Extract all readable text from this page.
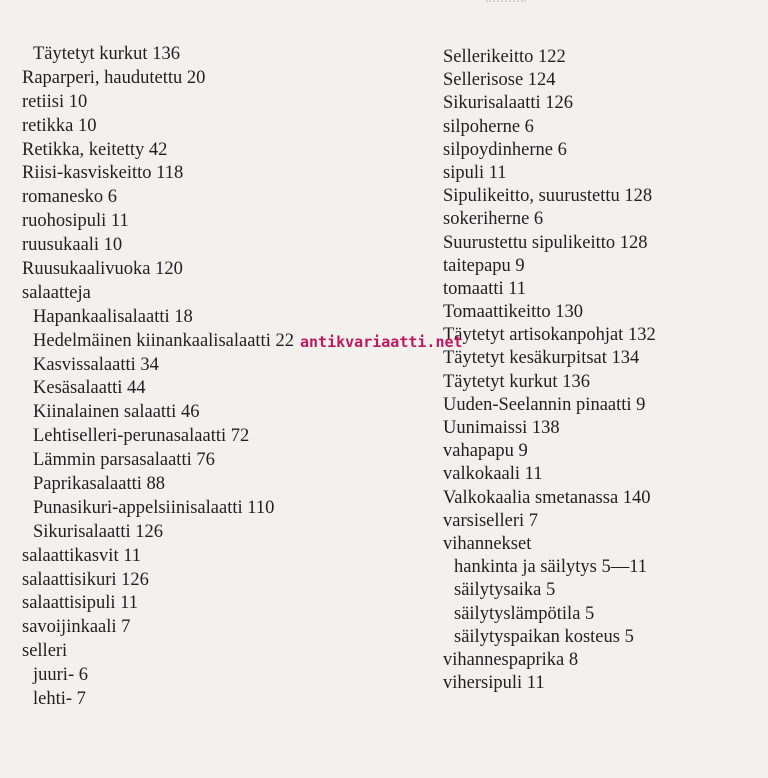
Täytetyt kurkut 136
Raparperi, haudutettu 20
retiisi 10
retikka 10
Retikka, keitetty 42
Riisi-kasviskeitto 118
romanesko 6
ruohosipuli 11
ruusukaali 10
Ruusukaalivuoka 120
salaatteja
Hapankaalisalaatti 18
Hedelmäinen kiinankaalisalaatti 22
Kasvissalaatti 34
Kesäsalaatti 44
Kiinalainen salaatti 46
Lehtiselleri-perunasalaatti 72
Lämmin parsasalaatti 76
Paprikasalaatti 88
Punasikuri-appelsiinisalaatti 110
Sikurisalaatti 126
salaattikasvit 11
salaattisikuri 126
salaattisipuli 11
savoijinkaali 7
selleri
juuri- 6
lehti- 7
Sellerikeitto 122
Sellerisose 124
Sikurisalaatti 126
silpoherne 6
silpoydinherne 6
sipuli 11
Sipulikeitto, suurustettu 128
sokeriherne 6
Suurustettu sipulikeitto 128
taitepapu 9
tomaatti 11
Tomaattikeitto 130
Täytetyt artisokanpohjat 132
Täytetyt kesäkurpitsat 134
Täytetyt kurkut 136
Uuden-Seelannin pinaatti 9
Uunimaissi 138
vahapapu 9
valkokaali 11
Valkokaalia smetanassa 140
varsiselleri 7
vihannekset
hankinta ja säilytys 5—11
säilytysaika 5
säilytyslämpötila 5
säilytyspaikan kosteus 5
vihannespaprika 8
vihersipuli 11
antikvariaatti.net
